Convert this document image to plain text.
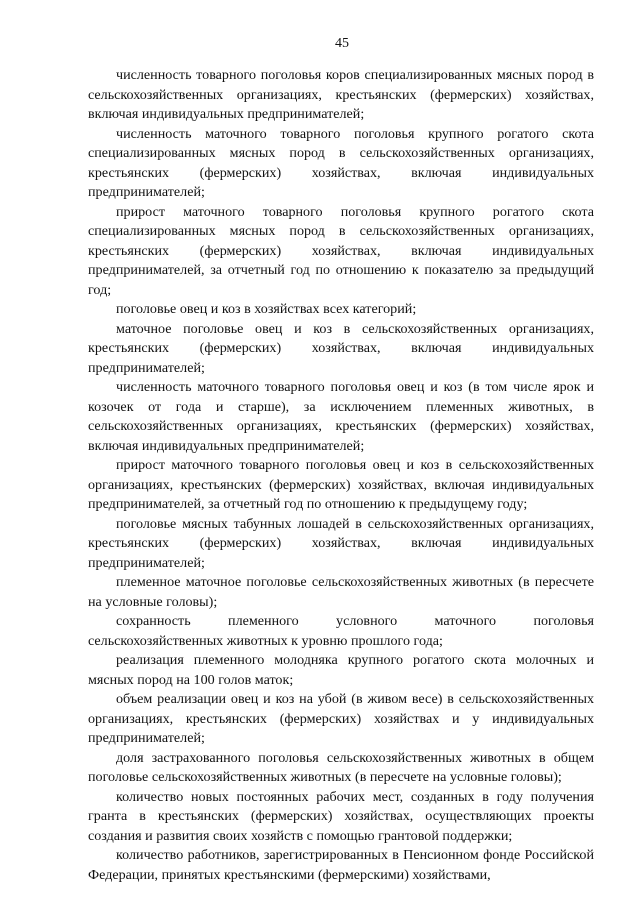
45

численность товарного поголовья коров специализированных мясных пород в сельскохозяйственных организациях, крестьянских (фермерских) хозяйствах, включая индивидуальных предпринимателей;

численность маточного товарного поголовья крупного рогатого скота специализированных мясных пород в сельскохозяйственных организациях, крестьянских (фермерских) хозяйствах, включая индивидуальных предпринимателей;

прирост маточного товарного поголовья крупного рогатого скота специализированных мясных пород в сельскохозяйственных организациях, крестьянских (фермерских) хозяйствах, включая индивидуальных предпринимателей, за отчетный год по отношению к показателю за предыдущий год;

поголовье овец и коз в хозяйствах всех категорий;

маточное поголовье овец и коз в сельскохозяйственных организациях, крестьянских (фермерских) хозяйствах, включая индивидуальных предпринимателей;

численность маточного товарного поголовья овец и коз (в том числе ярок и козочек от года и старше), за исключением племенных животных, в сельскохозяйственных организациях, крестьянских (фермерских) хозяйствах, включая индивидуальных предпринимателей;

прирост маточного товарного поголовья овец и коз в сельскохозяйственных организациях, крестьянских (фермерских) хозяйствах, включая индивидуальных предпринимателей, за отчетный год по отношению к предыдущему году;

поголовье мясных табунных лошадей в сельскохозяйственных организациях, крестьянских (фермерских) хозяйствах, включая индивидуальных предпринимателей;

племенное маточное поголовье сельскохозяйственных животных (в пересчете на условные головы);

сохранность племенного условного маточного поголовья сельскохозяйственных животных к уровню прошлого года;

реализация племенного молодняка крупного рогатого скота молочных и мясных пород на 100 голов маток;

объем реализации овец и коз на убой (в живом весе) в сельскохозяйственных организациях, крестьянских (фермерских) хозяйствах и у индивидуальных предпринимателей;

доля застрахованного поголовья сельскохозяйственных животных в общем поголовье сельскохозяйственных животных (в пересчете на условные головы);

количество новых постоянных рабочих мест, созданных в году получения гранта в крестьянских (фермерских) хозяйствах, осуществляющих проекты создания и развития своих хозяйств с помощью грантовой поддержки;

количество работников, зарегистрированных в Пенсионном фонде Российской Федерации, принятых крестьянскими (фермерскими) хозяйствами,
